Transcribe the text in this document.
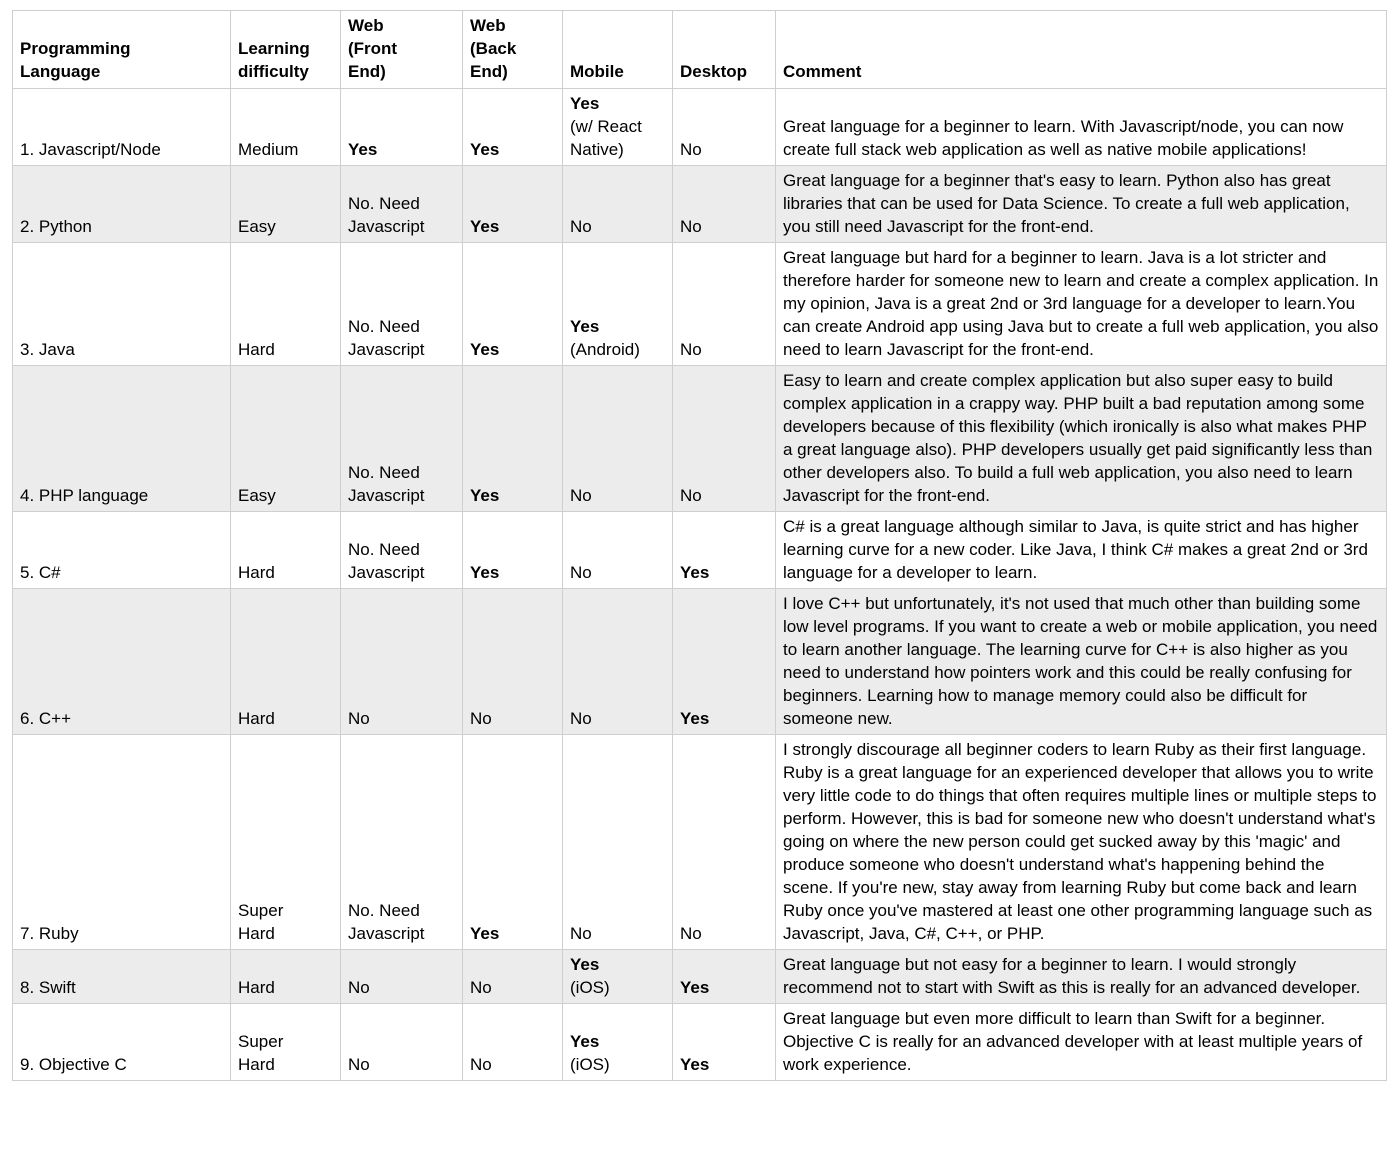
Programming
Language	Learning
difficulty	Web
(Front
End)	Web
(Back
End)	Mobile	Desktop	Comment

1. Javascript/Node	Medium	Yes	Yes	Yes
(w/ React
Native)	No	Great language for a beginner to learn. With Javascript/node, you can now create full stack web application as well as native mobile applications!
2. Python	Easy	No. Need
Javascript	Yes	No	No	Great language for a beginner that's easy to learn. Python also has great libraries that can be used for Data Science. To create a full web application, you still need Javascript for the front-end.
3. Java	Hard	No. Need
Javascript	Yes	Yes
(Android)	No	Great language but hard for a beginner to learn. Java is a lot stricter and therefore harder for someone new to learn and create a complex application. In my opinion, Java is a great 2nd or 3rd language for a developer to learn.You can create Android app using Java but to create a full web application, you also need to learn Javascript for the front-end.
4. PHP language	Easy	No. Need
Javascript	Yes	No	No	Easy to learn and create complex application but also super easy to build complex application in a crappy way. PHP built a bad reputation among some developers because of this flexibility (which ironically is also what makes PHP a great language also). PHP developers usually get paid significantly less than other developers also. To build a full web application, you also need to learn Javascript for the front-end.
5. C#	Hard	No. Need
Javascript	Yes	No	Yes	C# is a great language although similar to Java, is quite strict and has higher learning curve for a new coder. Like Java, I think C# makes a great 2nd or 3rd language for a developer to learn.
6. C++	Hard	No	No	No	Yes	I love C++ but unfortunately, it's not used that much other than building some low level programs. If you want to create a web or mobile application, you need to learn another language. The learning curve for C++ is also higher as you need to understand how pointers work and this could be really confusing for beginners. Learning how to manage memory could also be difficult for someone new.
7. Ruby	Super
Hard	No. Need
Javascript	Yes	No	No	I strongly discourage all beginner coders to learn Ruby as their first language. Ruby is a great language for an experienced developer that allows you to write very little code to do things that often requires multiple lines or multiple steps to perform. However, this is bad for someone new who doesn't understand what's going on where the new person could get sucked away by this 'magic' and produce someone who doesn't understand what's happening behind the scene. If you're new, stay away from learning Ruby but come back and learn Ruby once you've mastered at least one other programming language such as Javascript, Java, C#, C++, or PHP.
8. Swift	Hard	No	No	Yes
(iOS)	Yes	Great language but not easy for a beginner to learn. I would strongly recommend not to start with Swift as this is really for an advanced developer.
9. Objective C	Super
Hard	No	No	Yes
(iOS)	Yes	Great language but even more difficult to learn than Swift for a beginner. Objective C is really for an advanced developer with at least multiple years of work experience.
